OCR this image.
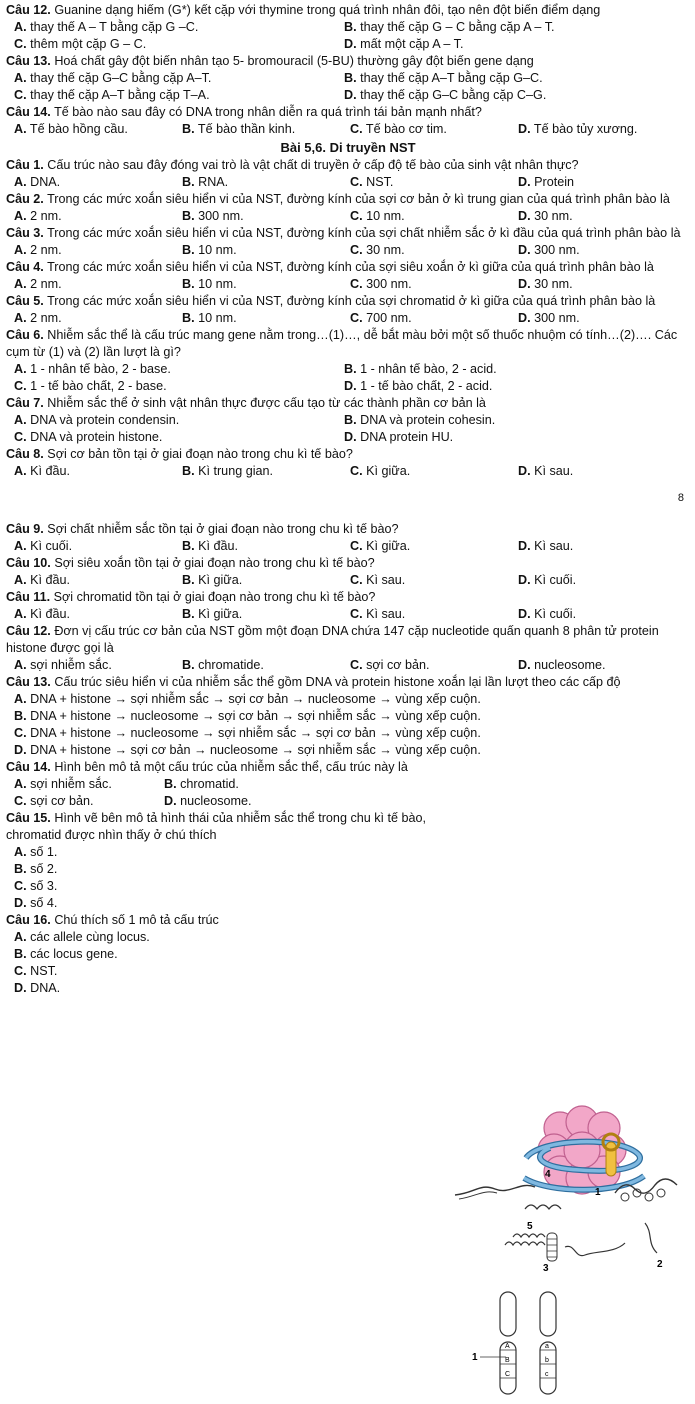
Câu 12. Guanine dạng hiếm (G*) kết cặp với thymine trong quá trình nhân đôi, tạo nên đột biến điểm dạng
A. thay thế A – T bằng cặp G –C.	B. thay thế cặp G – C bằng cặp A – T.
C. thêm một cặp G – C.	D. mất một cặp A – T.
Câu 13. Hoá chất gây đột biến nhân tạo 5- bromouracil (5-BU) thường gây đột biến gene dạng
A. thay thế cặp G–C bằng cặp A–T.	B. thay thế cặp A–T bằng cặp G–C.
C. thay thế cặp A–T bằng cặp T–A.	D. thay thế cặp G–C bằng cặp C–G.
Câu 14. Tế bào nào sau đây có DNA trong nhân diễn ra quá trình tái bản mạnh nhất?
A. Tế bào hồng cầu.	B. Tế bào thần kinh.	C. Tế bào cơ tim.	D. Tế bào tủy xương.
Bài 5,6. Di truyền NST
Câu 1. Cấu trúc nào sau đây đóng vai trò là vật chất di truyền ở cấp độ tế bào của sinh vật nhân thực?
A. DNA.	B. RNA.	C. NST.	D. Protein
Câu 2. Trong các mức xoắn siêu hiển vi của NST, đường kính của sợi cơ bản ở kì trung gian của quá trình phân bào là
A. 2 nm.	B. 300 nm.	C. 10 nm.	D. 30 nm.
Câu 3. Trong các mức xoắn siêu hiển vi của NST, đường kính của sợi chất nhiễm sắc ở kì đầu của quá trình phân bào là
A. 2 nm.	B. 10 nm.	C. 30 nm.	D. 300 nm.
Câu 4. Trong các mức xoắn siêu hiển vi của NST, đường kính của sợi siêu xoắn ở kì giữa của quá trình phân bào là
A. 2 nm.	B. 10 nm.	C. 300 nm.	D. 30 nm.
Câu 5. Trong các mức xoắn siêu hiển vi của NST, đường kính của sợi chromatid ở kì giữa của quá trình phân bào là
A. 2 nm.	B. 10 nm.	C. 700 nm.	D. 300 nm.
Câu 6. Nhiễm sắc thể là cấu trúc mang gene nằm trong…(1)…, dễ bắt màu bởi một số thuốc nhuộm có tính…(2)…. Các cụm từ (1) và (2) lần lượt là gì?
A. 1 - nhân tế bào, 2 - base.	B. 1 - nhân tế bào, 2 - acid.
C. 1 - tế bào chất, 2 - base.	D. 1 - tế bào chất, 2 - acid.
Câu 7. Nhiễm sắc thể ở sinh vật nhân thực được cấu tạo từ các thành phần cơ bản là
A. DNA và protein condensin.	B. DNA và protein cohesin.
C. DNA và protein histone.	D. DNA protein HU.
Câu 8. Sợi cơ bản tồn tại ở giai đoạn nào trong chu kì tế bào?
A. Kì đầu.	B. Kì trung gian.	C. Kì giữa.	D. Kì sau.
8
Câu 9. Sợi chất nhiễm sắc tồn tại ở giai đoạn nào trong chu kì tế bào?
A. Kì cuối.	B. Kì đầu.	C. Kì giữa.	D. Kì sau.
Câu 10. Sợi siêu xoắn tồn tại ở giai đoạn nào trong chu kì tế bào?
A. Kì đầu.	B. Kì giữa.	C. Kì sau.	D. Kì cuối.
Câu 11. Sợi chromatid tồn tại ở giai đoạn nào trong chu kì tế bào?
A. Kì đầu.	B. Kì giữa.	C. Kì sau.	D. Kì cuối.
Câu 12. Đơn vị cấu trúc cơ bản của NST gồm một đoạn DNA chứa 147 cặp nucleotide quấn quanh 8 phân tử protein histone được gọi là
A. sợi nhiễm sắc.	B. chromatide.	C. sợi cơ bản.	D. nucleosome.
Câu 13. Cấu trúc siêu hiển vi của nhiễm sắc thể gồm DNA và protein histone xoắn lại lần lượt theo các cấp độ
A. DNA + histone → sợi nhiễm sắc → sợi cơ bản → nucleosome → vùng xếp cuộn.
B. DNA + histone → nucleosome → sợi cơ bản → sợi nhiễm sắc → vùng xếp cuộn.
C. DNA + histone → nucleosome → sợi nhiễm sắc → sợi cơ bản → vùng xếp cuộn.
D. DNA + histone → sợi cơ bản → nucleosome → sợi nhiễm sắc → vùng xếp cuộn.
Câu 14. Hình bên mô tả một cấu trúc của nhiễm sắc thể, cấu trúc này là
A. sợi nhiễm sắc.	B. chromatid.
C. sợi cơ bản.	D. nucleosome.
Câu 15. Hình vẽ bên mô tả hình thái của nhiễm sắc thể trong chu kì tế bào, chromatid được nhìn thấy ở chú thích
A. số 1.
B. số 2.
C. số 3.
D. số 4.
Câu 16. Chú thích số 1 mô tả cấu trúc
A. các allele cùng locus.
B. các locus gene.
C. NST.
D. DNA.
4
1
5
2
3
1
A	a
B	b
C	c
